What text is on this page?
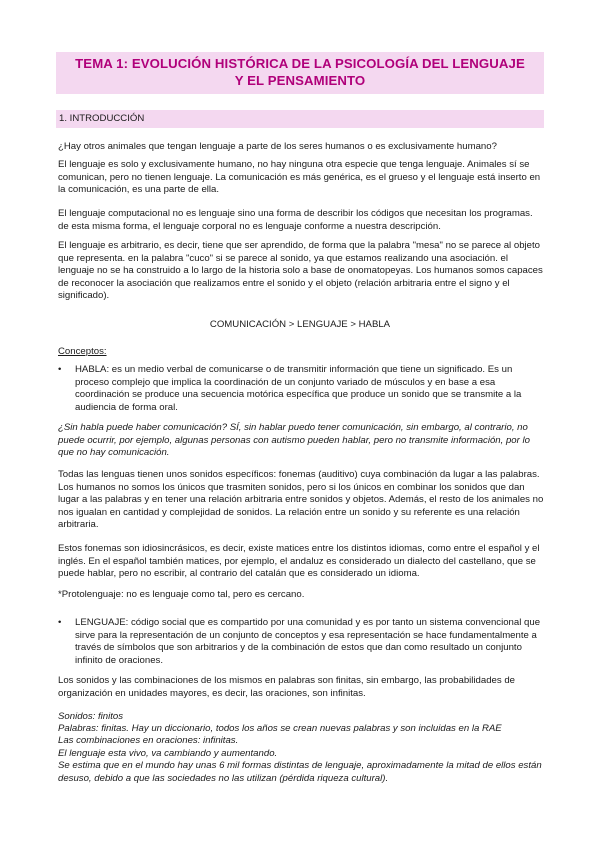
TEMA 1: EVOLUCIÓN HISTÓRICA DE LA PSICOLOGÍA DEL LENGUAJE
Y EL PENSAMIENTO
1. INTRODUCCIÓN

¿Hay otros animales que tengan lenguaje a parte de los seres humanos o es exclusivamente humano?

El lenguaje es solo y exclusivamente humano, no hay ninguna otra especie que tenga lenguaje. Animales sí se comunican, pero no tienen lenguaje. La comunicación es más genérica, es el grueso y el lenguaje está inserto en la comunicación, es una parte de ella.

El lenguaje computacional no es lenguaje sino una forma de describir los códigos que necesitan los programas. de esta misma forma, el lenguaje corporal no es lenguaje conforme a nuestra descripción.

El lenguaje es arbitrario, es decir, tiene que ser aprendido, de forma que la palabra "mesa" no se parece al objeto que representa. en la palabra "cuco" si se parece al sonido, ya que estamos realizando una asociación. el lenguaje no se ha construido a lo largo de la historia solo a base de onomatopeyas. Los humanos somos capaces de reconocer la asociación que realizamos entre el sonido y el objeto (relación arbitraria entre el signo y el significado).

COMUNICACIÓN > LENGUAJE > HABLA

Conceptos:

• HABLA: es un medio verbal de comunicarse o de transmitir información que tiene un significado. Es un proceso complejo que implica la coordinación de un conjunto variado de músculos y en base a esa coordinación se produce una secuencia motórica específica que produce un sonido que se transmite a la audiencia de forma oral.

¿Sin habla puede haber comunicación? SÍ, sin hablar puedo tener comunicación, sin embargo, al contrario, no puede ocurrir, por ejemplo, algunas personas con autismo pueden hablar, pero no transmite información, por lo que no hay comunicación.

Todas las lenguas tienen unos sonidos específicos: fonemas (auditivo) cuya combinación da lugar a las palabras. Los humanos no somos los únicos que trasmiten sonidos, pero si los únicos en combinar los sonidos que dan lugar a las palabras y en tener una relación arbitraria entre sonidos y objetos. Además, el resto de los animales no nos igualan en cantidad y complejidad de sonidos. La relación entre un sonido y su referente es una relación arbitraria.

Estos fonemas son idiosincrásicos, es decir, existe matices entre los distintos idiomas, como entre el español y el inglés. En el español también matices, por ejemplo, el andaluz es considerado un dialecto del castellano, que se puede hablar, pero no escribir, al contrario del catalán que es considerado un idioma.

*Protolenguaje: no es lenguaje como tal, pero es cercano.

• LENGUAJE: código social que es compartido por una comunidad y es por tanto un sistema convencional que sirve para la representación de un conjunto de conceptos y esa representación se hace fundamentalmente a través de símbolos que son arbitrarios y de la combinación de estos que dan como resultado un conjunto infinito de oraciones.

Los sonidos y las combinaciones de los mismos en palabras son finitas, sin embargo, las probabilidades de organización en unidades mayores, es decir, las oraciones, son infinitas.

Sonidos: finitos

Palabras: finitas. Hay un diccionario, todos los años se crean nuevas palabras y son incluidas en la RAE

Las combinaciones en oraciones: infinitas.

El lenguaje esta vivo, va cambiando y aumentando.

Se estima que en el mundo hay unas 6 mil formas distintas de lenguaje, aproximadamente la mitad de ellos están desuso, debido a que las sociedades no las utilizan (pérdida riqueza cultural).
